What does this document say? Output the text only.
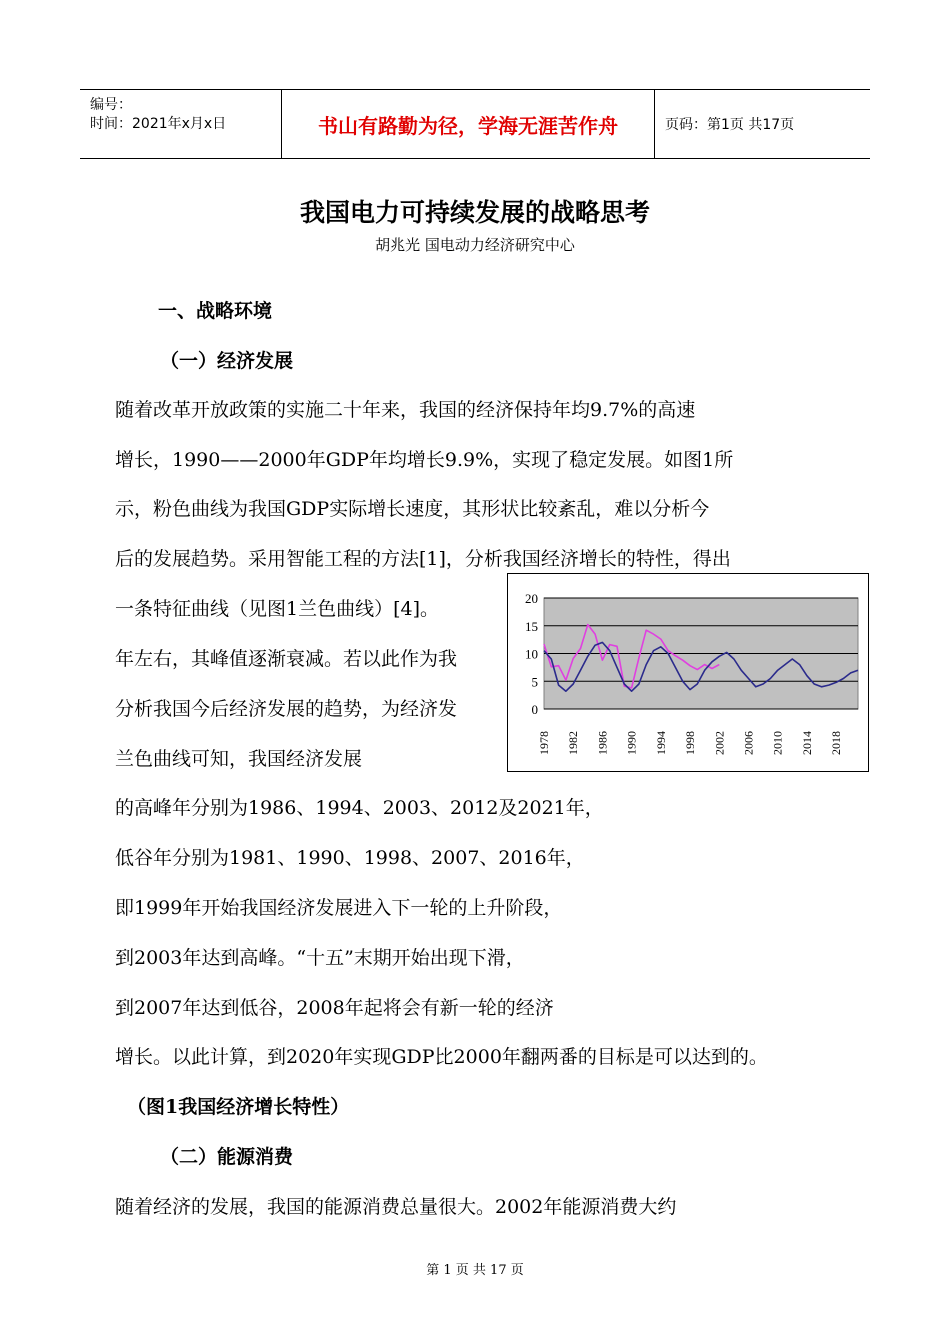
编号：
时间：2021年x月x日	书山有路勤为径，学海无涯苦作舟	页码：第1页 共17页
我国电力可持续发展的战略思考
胡兆光 国电动力经济研究中心
一、战略环境
（一）经济发展
随着改革开放政策的实施二十年来，我国的经济保持年均9.7%的高速
增长，1990——2000年GDP年均增长9.9%，实现了稳定发展。如图1所
示，粉色曲线为我国GDP实际增长速度，其形状比较紊乱，难以分析今
后的发展趋势。采用智能工程的方法[1]，分析我国经济增长的特性，得出
一条特征曲线（见图1兰色曲线）[4]。
年左右，其峰值逐渐衰减。若以此作为我
分析我国今后经济发展的趋势，为经济发
兰色曲线可知，我国经济发展
的高峰年分别为1986、1994、2003、2012及2021年，
低谷年分别为1981、1990、1998、2007、2016年，
即1999年开始我国经济发展进入下一轮的上升阶段，
到2003年达到高峰。“十五”末期开始出现下滑，
到2007年达到低谷，2008年起将会有新一轮的经济
增长。以此计算，到2020年实现GDP比2000年翻两番的目标是可以达到的。
（图1我国经济增长特性）
（二）能源消费
随着经济的发展，我国的能源消费总量很大。2002年能源消费大约
0
5
10
15
20
1978 1982 1986 1990 1994 1998 2002 2006 2010 2014 2018
第 1 页 共 17 页
